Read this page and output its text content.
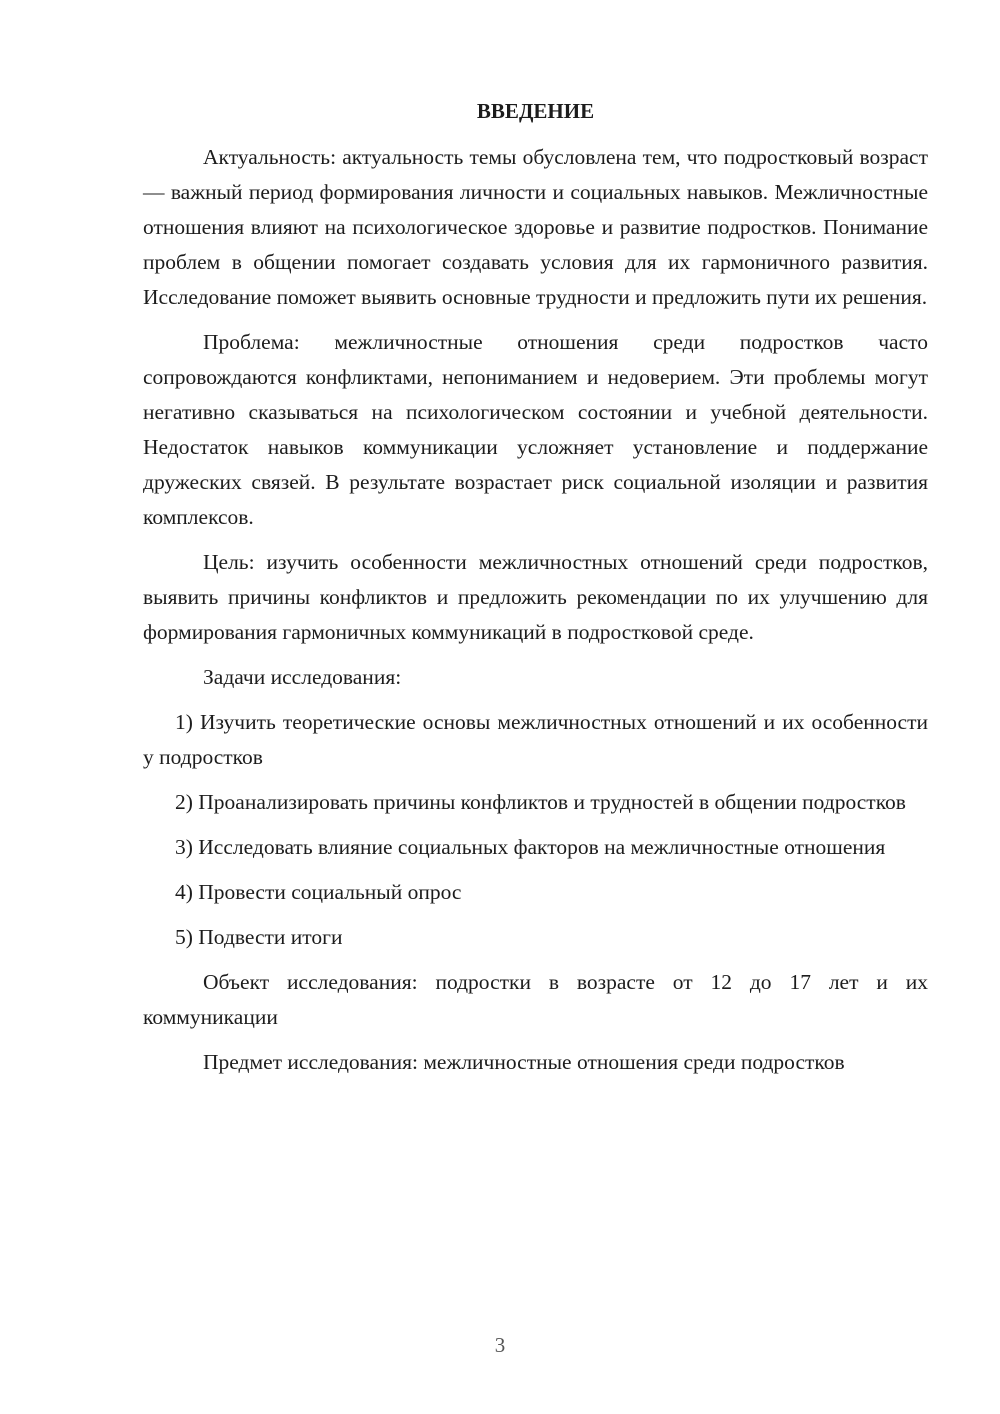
ВВЕДЕНИЕ

Актуальность: актуальность темы обусловлена тем, что подростковый возраст — важный период формирования личности и социальных навыков. Межличностные отношения влияют на психологическое здоровье и развитие подростков. Понимание проблем в общении помогает создавать условия для их гармоничного развития. Исследование поможет выявить основные трудности и предложить пути их решения.

Проблема: межличностные отношения среди подростков часто сопровождаются конфликтами, непониманием и недоверием. Эти проблемы могут негативно сказываться на психологическом состоянии и учебной деятельности. Недостаток навыков коммуникации усложняет установление и поддержание дружеских связей. В результате возрастает риск социальной изоляции и развития комплексов.

Цель: изучить особенности межличностных отношений среди подростков, выявить причины конфликтов и предложить рекомендации по их улучшению для формирования гармоничных коммуникаций в подростковой среде.

Задачи исследования:

1) Изучить теоретические основы межличностных отношений и их особенности у подростков

2) Проанализировать причины конфликтов и трудностей в общении подростков

3) Исследовать влияние социальных факторов на межличностные отношения

4) Провести социальный опрос

5) Подвести итоги

Объект исследования: подростки в возрасте от 12 до 17 лет и их коммуникации

Предмет исследования: межличностные отношения среди подростков

3
